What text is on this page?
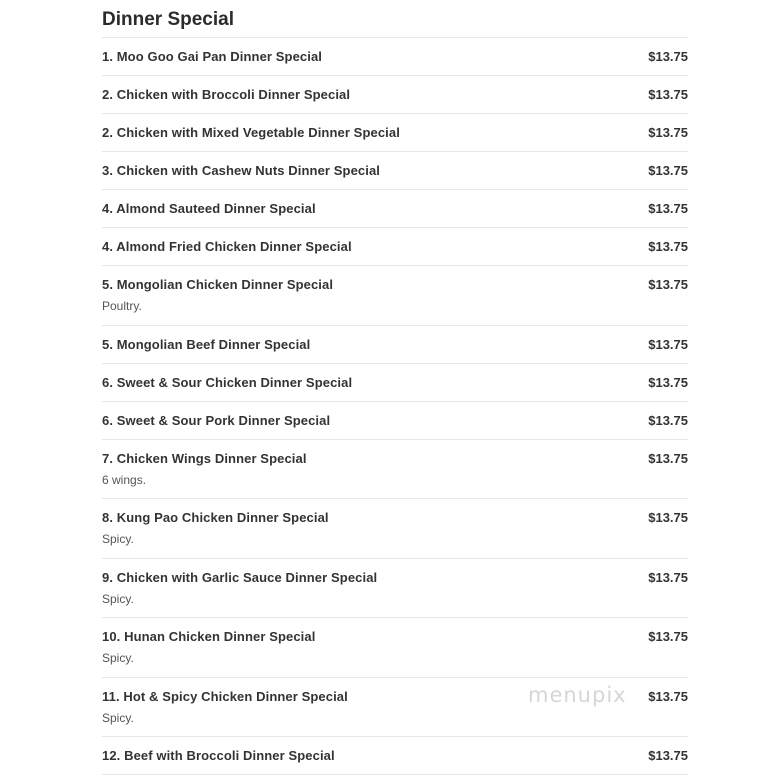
Dinner Special
1. Moo Goo Gai Pan Dinner Special	$13.75
2. Chicken with Broccoli Dinner Special	$13.75
2. Chicken with Mixed Vegetable Dinner Special	$13.75
3. Chicken with Cashew Nuts Dinner Special	$13.75
4. Almond Sauteed Dinner Special	$13.75
4. Almond Fried Chicken Dinner Special	$13.75
5. Mongolian Chicken Dinner Special	$13.75
Poultry.
5. Mongolian Beef Dinner Special	$13.75
6. Sweet & Sour Chicken Dinner Special	$13.75
6. Sweet & Sour Pork Dinner Special	$13.75
7. Chicken Wings Dinner Special	$13.75
6 wings.
8. Kung Pao Chicken Dinner Special	$13.75
Spicy.
9. Chicken with Garlic Sauce Dinner Special	$13.75
Spicy.
10. Hunan Chicken Dinner Special	$13.75
Spicy.
11. Hot & Spicy Chicken Dinner Special	$13.75
Spicy.
12. Beef with Broccoli Dinner Special	$13.75
menupix
